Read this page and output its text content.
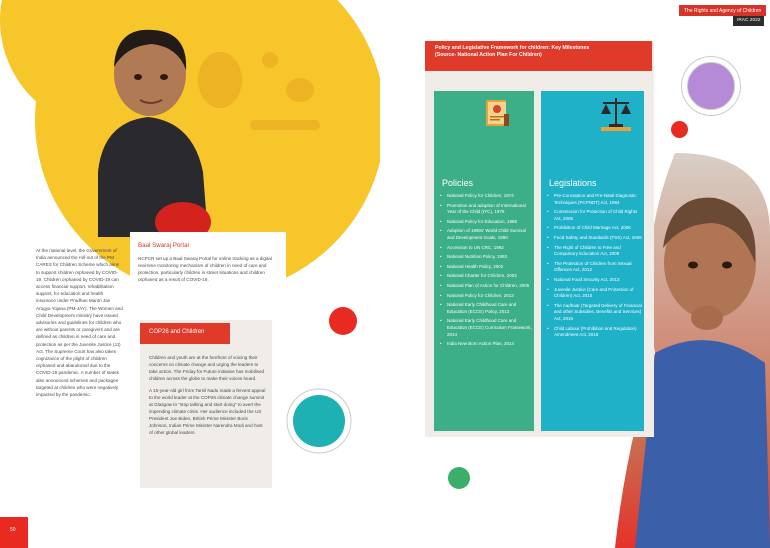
At the national level, the Government of India announced the roll-out of the PM CARES for Children Scheme which aims to support children orphaned by COVID-19. Children orphaned by COVID-19 can access financial support, rehabilitation support, for education and health insurance under Pradhan Mantri Jan Arogya Yojana (PM-JAY). The Women and Child Development ministry have issued advisories and guidelines for children who are without parents or caregivers and are defined as children in need of care and protection as per the Juvenile Justice (JJ) Act. The Supreme Court has also taken cognizance of the plight of children orphaned and abandoned due to the COVID-19 pandemic. A number of states also announced schemes and packages targeted at children who were negatively impacted by the pandemic.

Baal Swaraj Portal

NCPCR set up a Baal Swaraj Portal for online tracking as a digital real-time monitoring mechanism of children in need of care and protection, particularly children in street situations and children orphaned as a result of COVID-19.

COP26 and Children

Children and youth are at the forefront of voicing their concerns on climate change and urging the leaders to take action. The Friday for Future initiative has mobilised children across the globe to make their voices heard.

A 15-year-old girl from Tamil Nadu made a fervent appeal to the world leader at the COP26 climate change summit at Glasgow to "stop talking and start doing" to avert the impending climate crisis. Her audience included the US President Joe Biden, British Prime Minister Boris Johnson, Indian Prime Minister Narendra Modi and host of other global leaders.

50
The Rights and Agency of Children
IRAC 2022
Policy and Legislative Framework for children: Key Milestones
(Source- National Action Plan For Children)
Policies
• National Policy for Children, 1974
• Promotion and adoption of International Year of the Child (IYC), 1979
• National Policy for Education, 1986
• Adoption of 1990s' World Child Survival and Development Goals, 1990
• Accession to UN CRC, 1992
• National Nutrition Policy, 1993
• National Health Policy, 2002
• National Charter for Children, 2003
• National Plan of Action for Children, 2005
• National Policy for Children, 2013
• National Early Childhood Care and Education (ECCE) Policy, 2013
• National Early Childhood Care and Education (ECCE) Curriculum Framework, 2014
• India New Born Action Plan, 2014
Legislations
• Pre-Conception and Pre-Natal Diagnostic Techniques (PCPNDT) Act, 1994
• Commission for Protection of Child Rights Act, 2005
• Prohibition of Child Marriage Act, 2006
• Food Safety and Standards (FSS) Act, 2006
• The Right of Children to Free and Compulsory Education Act, 2009
• The Protection of Children from Sexual Offences Act, 2012
• National Food Security Act, 2013
• Juvenile Justice (Care and Protection of Children) Act, 2015
• The Aadhaar (Targeted Delivery of Financial and other Subsidies, Benefits and Services) Act, 2016
• Child Labour (Prohibition and Regulation) Amendment Act, 2016
